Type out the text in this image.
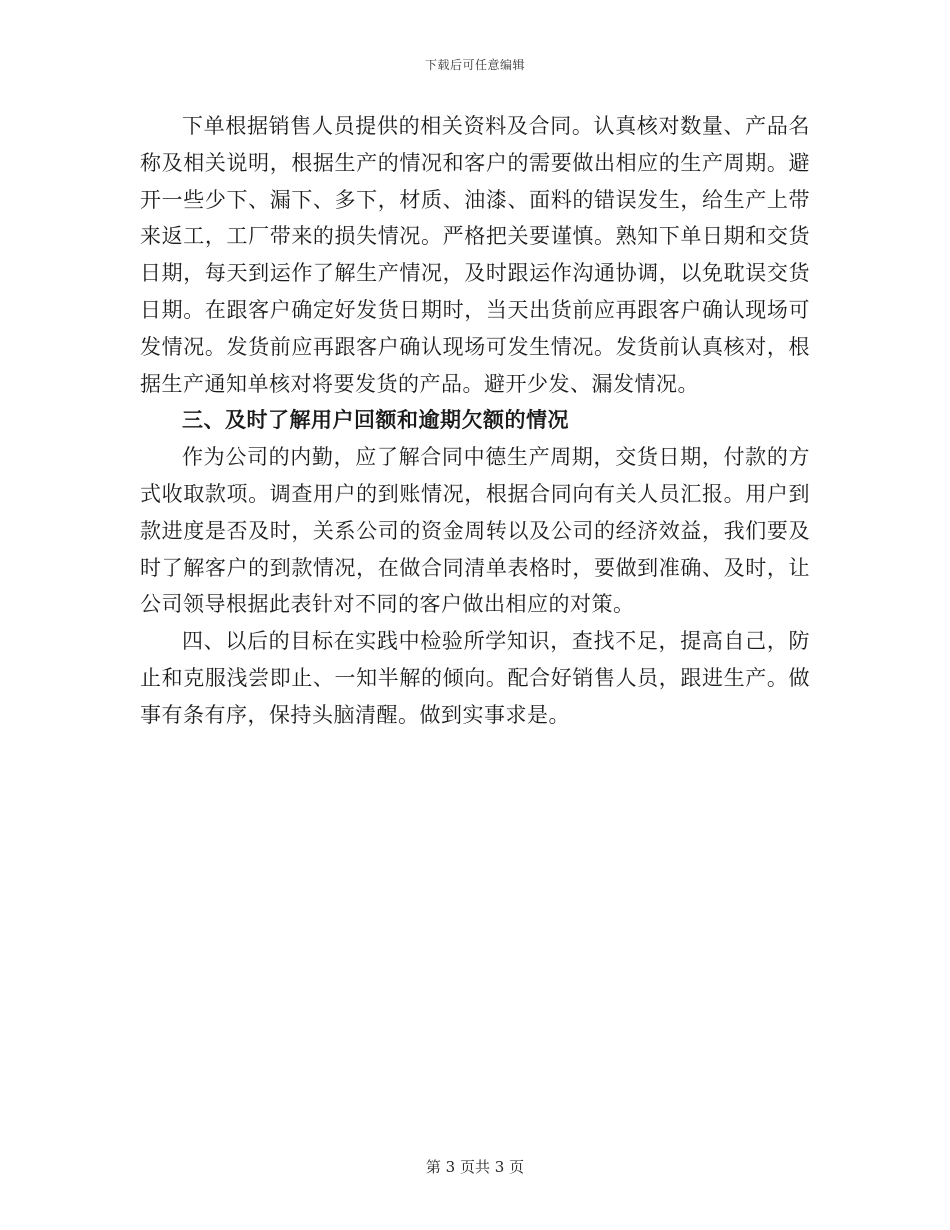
下载后可任意编辑

下单根据销售人员提供的相关资料及合同。认真核对数量、产品名称及相关说明，根据生产的情况和客户的需要做出相应的生产周期。避开一些少下、漏下、多下，材质、油漆、面料的错误发生，给生产上带来返工，工厂带来的损失情况。严格把关要谨慎。熟知下单日期和交货日期，每天到运作了解生产情况，及时跟运作沟通协调，以免耽误交货日期。在跟客户确定好发货日期时，当天出货前应再跟客户确认现场可发情况。发货前应再跟客户确认现场可发生情况。发货前认真核对，根据生产通知单核对将要发货的产品。避开少发、漏发情况。

三、及时了解用户回额和逾期欠额的情况

作为公司的内勤，应了解合同中德生产周期，交货日期，付款的方式收取款项。调查用户的到账情况，根据合同向有关人员汇报。用户到款进度是否及时，关系公司的资金周转以及公司的经济效益，我们要及时了解客户的到款情况，在做合同清单表格时，要做到准确、及时，让公司领导根据此表针对不同的客户做出相应的对策。

四、以后的目标在实践中检验所学知识，查找不足，提高自己，防止和克服浅尝即止、一知半解的倾向。配合好销售人员，跟进生产。做事有条有序，保持头脑清醒。做到实事求是。

第 3 页共 3 页
